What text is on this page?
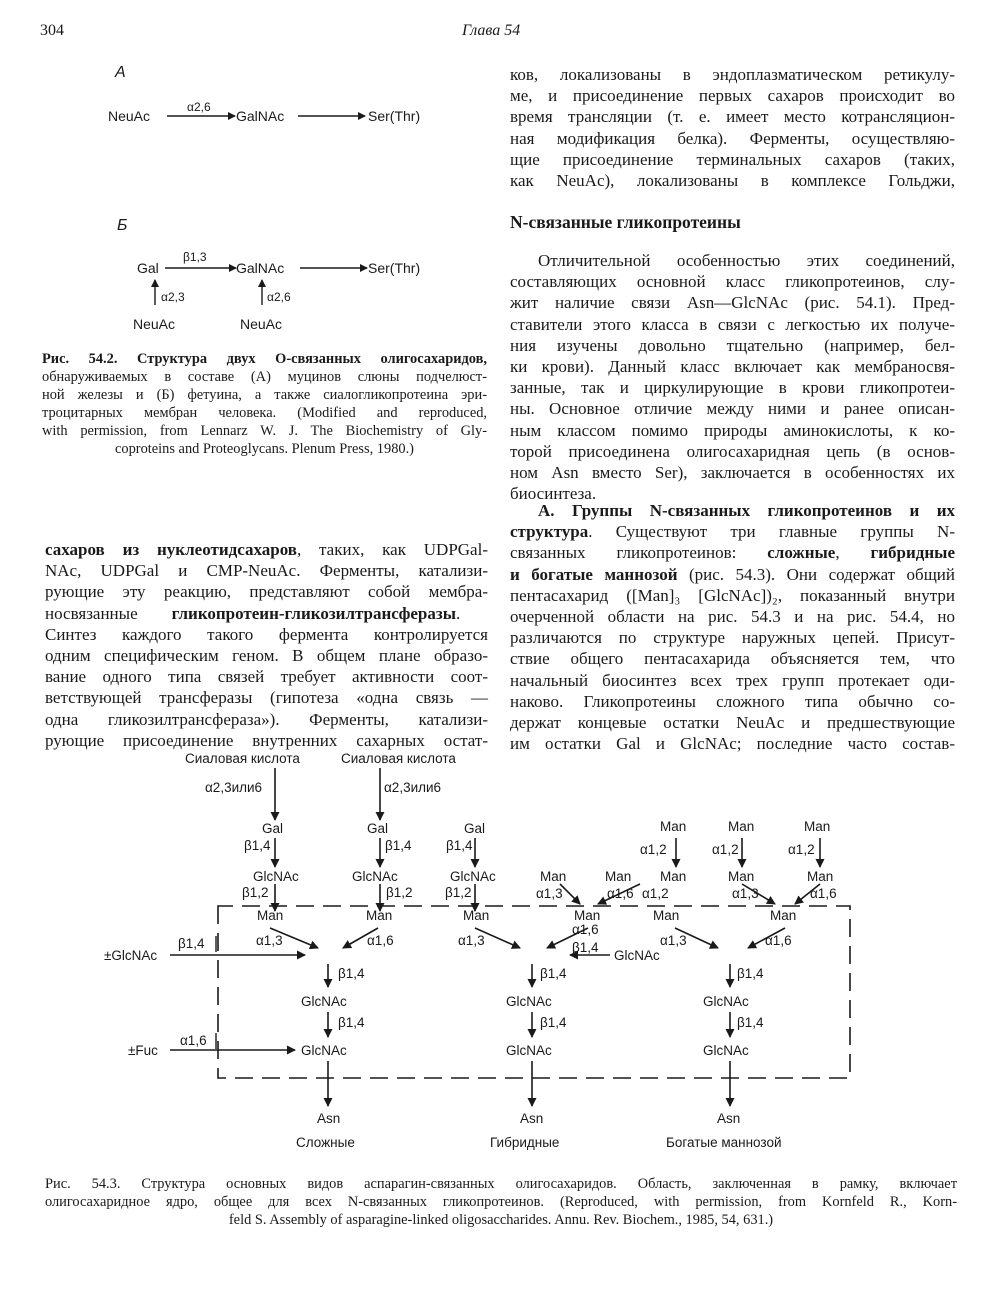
304	Глава 54
А
NeuAc
α2,6
GalNAc	Ser(Thr)
Б
Gal
β1,3
GalNAc	Ser(Thr)
α2,3	α2,6
NeuAc	NeuAc
Рис. 54.2. Структура двух О-связанных олигосахаридов,
обнаруживаемых в составе (А) муцинов слюны подчелюст-
ной железы и (Б) фетуина, а также сиалогликопротеина эри-
троцитарных мембран человека. (Modified and reproduced,
with permission, from Lennarz W. J. The Biochemistry of Gly-
coproteins and Proteoglycans. Plenum Press, 1980.)
ков, локализованы в эндоплазматическом ретикулу-
ме, и присоединение первых сахаров происходит во
время трансляции (т. е. имеет место котрансляцион-
ная модификация белка). Ферменты, осуществляю-
щие присоединение терминальных сахаров (таких,
как NeuAc), локализованы в комплексе Гольджи,
N-связанные гликопротеины
Отличительной особенностью этих соединений,
составляющих основной класс гликопротеинов, слу-
жит наличие связи Asn—GlcNAc (рис. 54.1). Пред-
ставители этого класса в связи с легкостью их получе-
ния изучены довольно тщательно (например, бел-
ки крови). Данный класс включает как мембраносвя-
занные, так и циркулирующие в крови гликопротеи-
ны. Основное отличие между ними и ранее описан-
ным классом помимо природы аминокислоты, к ко-
торой присоединена олигосахаридная цепь (в основ-
ном Asn вместо Ser), заключается в особенностях их
биосинтеза.
А. Группы N-связанных гликопротеинов и их
структура. Существуют три главные группы N-
связанных гликопротеинов: сложные, гибридные
и богатые маннозой (рис. 54.3). Они содержат общий
пентасахарид ([Man]₃ [GlcNAc])₂, показанный внутри
очерченной области на рис. 54.3 и на рис. 54.4, но
различаются по структуре наружных цепей. Присут-
ствие общего пентасахарида объясняется тем, что
начальный биосинтез всех трех групп протекает оди-
наково. Гликопротеины сложного типа обычно со-
держат концевые остатки NeuAc и предшествующие
им остатки Gal и GlcNAc; последние часто состав-
сахаров из нуклеотидсахаров, таких, как UDPGal-
NAc, UDPGal и CMP-NeuAc. Ферменты, катализи-
рующие эту реакцию, представляют собой мембра-
носвязанные гликопротеин-гликозилтрансферазы.
Синтез каждого такого фермента контролируется
одним специфическим геном. В общем плане образо-
вание одного типа связей требует активности соот-
ветствующей трансферазы (гипотеза «одна связь —
одна гликозилтрансфераза»). Ферменты, катализи-
рующие присоединение внутренних сахарных остат-
Сиаловая кислота	Сиаловая кислота
α2,3или6	α2,3или6
Gal	Gal	Gal	Man	Man	Man
β1,4	β1,4	β1,4	α1,2	α1,2	α1,2
GlcNAc	GlcNAc	GlcNAc	Man	Man Man	Man	Man
β1,2	β1,2 β1,2	α1,3	α1,6 α1,2	α1,3	α1,6
Man	Man	Man	Man	Man	Man
α1,3	α1,6
β1,4	α1,3
α1,6
β1,4	α1,3	α1,6
±GlcNAc	GlcNAc
β1,4	β1,4	β1,4
GlcNAc	GlcNAc	GlcNAc
β1,4	β1,4	β1,4
α1,6
±Fuc	GlcNAc	GlcNAc	GlcNAc
Asn	Asn	Asn
Сложные	Гибридные	Богатые маннозой
Рис. 54.3. Структура основных видов аспарагин-связанных олигосахаридов. Область, заключенная в рамку, включает
олигосахаридное ядро, общее для всех N-связанных гликопротеинов. (Reproduced, with permission, from Kornfeld R., Korn-
feld S. Assembly of asparagine-linked oligosaccharides. Annu. Rev. Biochem., 1985, 54, 631.)
